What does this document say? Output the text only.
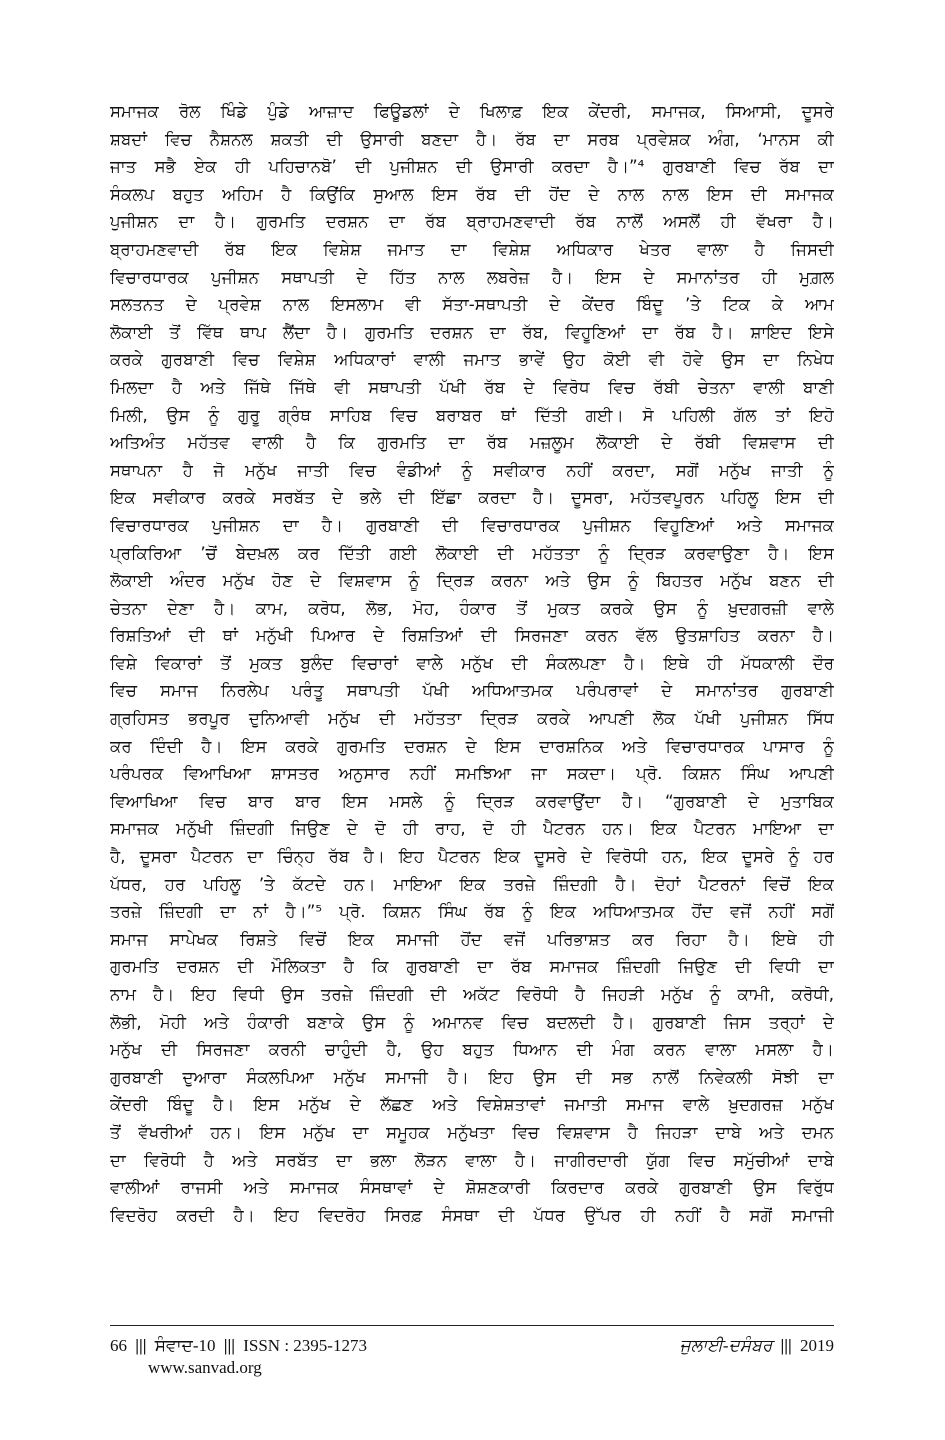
ਸਮਾਜਕ ਰੋਲ ਖਿੰਡੇ ਪੁੰਡੇ ਆਜ਼ਾਦ ਫਿਊਡਲਾਂ ਦੇ ਖਿਲਾਫ਼ ਇਕ ਕੇਂਦਰੀ, ਸਮਾਜਕ, ਸਿਆਸੀ, ਦੂਸਰੇ
ਸ਼ਬਦਾਂ ਵਿਚ ਨੈਸ਼ਨਲ ਸ਼ਕਤੀ ਦੀ ਉਸਾਰੀ ਬਣਦਾ ਹੈ। ਰੱਬ ਦਾ ਸਰਬ ਪ੍ਰਵੇਸ਼ਕ ਅੰਗ, ‘ਮਾਨਸ ਕੀ
ਜਾਤ ਸਭੈ ਏਕ ਹੀ ਪਹਿਚਾਨਬੋ’ ਦੀ ਪੁਜੀਸ਼ਨ ਦੀ ਉਸਾਰੀ ਕਰਦਾ ਹੈ।”⁴ ਗੁਰਬਾਣੀ ਵਿਚ ਰੱਬ ਦਾ
ਸੰਕਲਪ ਬਹੁਤ ਅਹਿਮ ਹੈ ਕਿਉਂਕਿ ਸੁਆਲ ਇਸ ਰੱਬ ਦੀ ਹੋਂਦ ਦੇ ਨਾਲ ਨਾਲ ਇਸ ਦੀ ਸਮਾਜਕ
ਪੁਜੀਸ਼ਨ ਦਾ ਹੈ। ਗੁਰਮਤਿ ਦਰਸ਼ਨ ਦਾ ਰੱਬ ਬ੍ਰਾਹਮਣਵਾਦੀ ਰੱਬ ਨਾਲੋਂ ਅਸਲੋਂ ਹੀ ਵੱਖਰਾ ਹੈ।
ਬ੍ਰਾਹਮਣਵਾਦੀ ਰੱਬ ਇਕ ਵਿਸ਼ੇਸ਼ ਜਮਾਤ ਦਾ ਵਿਸ਼ੇਸ਼ ਅਧਿਕਾਰ ਖੇਤਰ ਵਾਲਾ ਹੈ ਜਿਸਦੀ
ਵਿਚਾਰਧਾਰਕ ਪੁਜੀਸ਼ਨ ਸਥਾਪਤੀ ਦੇ ਹਿੱਤ ਨਾਲ ਲਬਰੇਜ਼ ਹੈ। ਇਸ ਦੇ ਸਮਾਨਾਂਤਰ ਹੀ ਮੁਗ਼ਲ
ਸਲਤਨਤ ਦੇ ਪ੍ਰਵੇਸ਼ ਨਾਲ ਇਸਲਾਮ ਵੀ ਸੱਤਾ-ਸਥਾਪਤੀ ਦੇ ਕੇਂਦਰ ਬਿੰਦੂ ’ਤੇ ਟਿਕ ਕੇ ਆਮ
ਲੋਕਾਈ ਤੋਂ ਵਿੱਥ ਥਾਪ ਲੈਂਦਾ ਹੈ। ਗੁਰਮਤਿ ਦਰਸ਼ਨ ਦਾ ਰੱਬ, ਵਿਹੂਣਿਆਂ ਦਾ ਰੱਬ ਹੈ। ਸ਼ਾਇਦ ਇਸੇ
ਕਰਕੇ ਗੁਰਬਾਣੀ ਵਿਚ ਵਿਸ਼ੇਸ਼ ਅਧਿਕਾਰਾਂ ਵਾਲੀ ਜਮਾਤ ਭਾਵੇਂ ਉਹ ਕੋਈ ਵੀ ਹੋਵੇ ਉਸ ਦਾ ਨਿਖੇਧ
ਮਿਲਦਾ ਹੈ ਅਤੇ ਜਿੱਥੇ ਜਿੱਥੇ ਵੀ ਸਥਾਪਤੀ ਪੱਖੀ ਰੱਬ ਦੇ ਵਿਰੋਧ ਵਿਚ ਰੱਬੀ ਚੇਤਨਾ ਵਾਲੀ ਬਾਣੀ
ਮਿਲੀ, ਉਸ ਨੂੰ ਗੁਰੂ ਗ੍ਰੰਥ ਸਾਹਿਬ ਵਿਚ ਬਰਾਬਰ ਥਾਂ ਦਿੱਤੀ ਗਈ। ਸੋ ਪਹਿਲੀ ਗੱਲ ਤਾਂ ਇਹੋ
ਅਤਿਅੰਤ ਮਹੱਤਵ ਵਾਲੀ ਹੈ ਕਿ ਗੁਰਮਤਿ ਦਾ ਰੱਬ ਮਜ਼ਲੂਮ ਲੋਕਾਈ ਦੇ ਰੱਬੀ ਵਿਸ਼ਵਾਸ ਦੀ
ਸਥਾਪਨਾ ਹੈ ਜੋ ਮਨੁੱਖ ਜਾਤੀ ਵਿਚ ਵੰਡੀਆਂ ਨੂੰ ਸਵੀਕਾਰ ਨਹੀਂ ਕਰਦਾ, ਸਗੋਂ ਮਨੁੱਖ ਜਾਤੀ ਨੂੰ
ਇਕ ਸਵੀਕਾਰ ਕਰਕੇ ਸਰਬੱਤ ਦੇ ਭਲੇ ਦੀ ਇੱਛਾ ਕਰਦਾ ਹੈ। ਦੂਸਰਾ, ਮਹੱਤਵਪੂਰਨ ਪਹਿਲੂ ਇਸ ਦੀ
ਵਿਚਾਰਧਾਰਕ ਪੁਜੀਸ਼ਨ ਦਾ ਹੈ। ਗੁਰਬਾਣੀ ਦੀ ਵਿਚਾਰਧਾਰਕ ਪੁਜੀਸ਼ਨ ਵਿਹੂਣਿਆਂ ਅਤੇ ਸਮਾਜਕ
ਪ੍ਰਕਿਰਿਆ ’ਚੋਂ ਬੇਦਖ਼ਲ ਕਰ ਦਿੱਤੀ ਗਈ ਲੋਕਾਈ ਦੀ ਮਹੱਤਤਾ ਨੂੰ ਦ੍ਰਿੜ ਕਰਵਾਉਣਾ ਹੈ। ਇਸ
ਲੋਕਾਈ ਅੰਦਰ ਮਨੁੱਖ ਹੋਣ ਦੇ ਵਿਸ਼ਵਾਸ ਨੂੰ ਦ੍ਰਿੜ ਕਰਨਾ ਅਤੇ ਉਸ ਨੂੰ ਬਿਹਤਰ ਮਨੁੱਖ ਬਣਨ ਦੀ
ਚੇਤਨਾ ਦੇਣਾ ਹੈ। ਕਾਮ, ਕਰੋਧ, ਲੋਭ, ਮੋਹ, ਹੰਕਾਰ ਤੋਂ ਮੁਕਤ ਕਰਕੇ ਉਸ ਨੂੰ ਖ਼ੁਦਗਰਜ਼ੀ ਵਾਲੇ
ਰਿਸ਼ਤਿਆਂ ਦੀ ਥਾਂ ਮਨੁੱਖੀ ਪਿਆਰ ਦੇ ਰਿਸ਼ਤਿਆਂ ਦੀ ਸਿਰਜਣਾ ਕਰਨ ਵੱਲ ਉਤਸ਼ਾਹਿਤ ਕਰਨਾ ਹੈ।
ਵਿਸ਼ੇ ਵਿਕਾਰਾਂ ਤੋਂ ਮੁਕਤ ਬੁਲੰਦ ਵਿਚਾਰਾਂ ਵਾਲੇ ਮਨੁੱਖ ਦੀ ਸੰਕਲਪਣਾ ਹੈ। ਇਥੇ ਹੀ ਮੱਧਕਾਲੀ ਦੌਰ
ਵਿਚ ਸਮਾਜ ਨਿਰਲੇਪ ਪਰੰਤੂ ਸਥਾਪਤੀ ਪੱਖੀ ਅਧਿਆਤਮਕ ਪਰੰਪਰਾਵਾਂ ਦੇ ਸਮਾਨਾਂਤਰ ਗੁਰਬਾਣੀ
ਗ੍ਰਹਿਸਤ ਭਰਪੂਰ ਦੁਨਿਆਵੀ ਮਨੁੱਖ ਦੀ ਮਹੱਤਤਾ ਦ੍ਰਿੜ ਕਰਕੇ ਆਪਣੀ ਲੋਕ ਪੱਖੀ ਪੁਜੀਸ਼ਨ ਸਿੱਧ
ਕਰ ਦਿੰਦੀ ਹੈ। ਇਸ ਕਰਕੇ ਗੁਰਮਤਿ ਦਰਸ਼ਨ ਦੇ ਇਸ ਦਾਰਸ਼ਨਿਕ ਅਤੇ ਵਿਚਾਰਧਾਰਕ ਪਾਸਾਰ ਨੂੰ
ਪਰੰਪਰਕ ਵਿਆਖਿਆ ਸ਼ਾਸਤਰ ਅਨੁਸਾਰ ਨਹੀਂ ਸਮਝਿਆ ਜਾ ਸਕਦਾ। ਪ੍ਰੋ. ਕਿਸ਼ਨ ਸਿੰਘ ਆਪਣੀ
ਵਿਆਖਿਆ ਵਿਚ ਬਾਰ ਬਾਰ ਇਸ ਮਸਲੇ ਨੂੰ ਦ੍ਰਿੜ ਕਰਵਾਉਂਦਾ ਹੈ। “ਗੁਰਬਾਣੀ ਦੇ ਮੁਤਾਬਿਕ
ਸਮਾਜਕ ਮਨੁੱਖੀ ਜ਼ਿੰਦਗੀ ਜਿਉਣ ਦੇ ਦੋ ਹੀ ਰਾਹ, ਦੋ ਹੀ ਪੈਟਰਨ ਹਨ। ਇਕ ਪੈਟਰਨ ਮਾਇਆ ਦਾ
ਹੈ, ਦੂਸਰਾ ਪੈਟਰਨ ਦਾ ਚਿੰਨ੍ਹ ਰੱਬ ਹੈ। ਇਹ ਪੈਟਰਨ ਇਕ ਦੂਸਰੇ ਦੇ ਵਿਰੋਧੀ ਹਨ, ਇਕ ਦੂਸਰੇ ਨੂੰ ਹਰ
ਪੱਧਰ, ਹਰ ਪਹਿਲੂ ’ਤੇ ਕੱਟਦੇ ਹਨ। ਮਾਇਆ ਇਕ ਤਰਜ਼ੇ ਜ਼ਿੰਦਗੀ ਹੈ। ਦੋਹਾਂ ਪੈਟਰਨਾਂ ਵਿਚੋਂ ਇਕ
ਤਰਜ਼ੇ ਜ਼ਿੰਦਗੀ ਦਾ ਨਾਂ ਹੈ।”⁵ ਪ੍ਰੋ. ਕਿਸ਼ਨ ਸਿੰਘ ਰੱਬ ਨੂੰ ਇਕ ਅਧਿਆਤਮਕ ਹੋਂਦ ਵਜੋਂ ਨਹੀਂ ਸਗੋਂ
ਸਮਾਜ ਸਾਪੇਖਕ ਰਿਸ਼ਤੇ ਵਿਚੋਂ ਇਕ ਸਮਾਜੀ ਹੋਂਦ ਵਜੋਂ ਪਰਿਭਾਸ਼ਤ ਕਰ ਰਿਹਾ ਹੈ। ਇਥੇ ਹੀ
ਗੁਰਮਤਿ ਦਰਸ਼ਨ ਦੀ ਮੌਲਿਕਤਾ ਹੈ ਕਿ ਗੁਰਬਾਣੀ ਦਾ ਰੱਬ ਸਮਾਜਕ ਜ਼ਿੰਦਗੀ ਜਿਉਣ ਦੀ ਵਿਧੀ ਦਾ
ਨਾਮ ਹੈ। ਇਹ ਵਿਧੀ ਉਸ ਤਰਜ਼ੇ ਜ਼ਿੰਦਗੀ ਦੀ ਅਕੱਟ ਵਿਰੋਧੀ ਹੈ ਜਿਹੜੀ ਮਨੁੱਖ ਨੂੰ ਕਾਮੀ, ਕਰੋਧੀ,
ਲੋਭੀ, ਮੋਹੀ ਅਤੇ ਹੰਕਾਰੀ ਬਣਾਕੇ ਉਸ ਨੂੰ ਅਮਾਨਵ ਵਿਚ ਬਦਲਦੀ ਹੈ। ਗੁਰਬਾਣੀ ਜਿਸ ਤਰ੍ਹਾਂ ਦੇ
ਮਨੁੱਖ ਦੀ ਸਿਰਜਣਾ ਕਰਨੀ ਚਾਹੁੰਦੀ ਹੈ, ਉਹ ਬਹੁਤ ਧਿਆਨ ਦੀ ਮੰਗ ਕਰਨ ਵਾਲਾ ਮਸਲਾ ਹੈ।
ਗੁਰਬਾਣੀ ਦੁਆਰਾ ਸੰਕਲਪਿਆ ਮਨੁੱਖ ਸਮਾਜੀ ਹੈ। ਇਹ ਉਸ ਦੀ ਸਭ ਨਾਲੋਂ ਨਿਵੇਕਲੀ ਸੋਝੀ ਦਾ
ਕੇਂਦਰੀ ਬਿੰਦੂ ਹੈ। ਇਸ ਮਨੁੱਖ ਦੇ ਲੱਛਣ ਅਤੇ ਵਿਸ਼ੇਸ਼ਤਾਵਾਂ ਜਮਾਤੀ ਸਮਾਜ ਵਾਲੇ ਖ਼ੁਦਗਰਜ਼ ਮਨੁੱਖ
ਤੋਂ ਵੱਖਰੀਆਂ ਹਨ। ਇਸ ਮਨੁੱਖ ਦਾ ਸਮੂਹਕ ਮਨੁੱਖਤਾ ਵਿਚ ਵਿਸ਼ਵਾਸ ਹੈ ਜਿਹੜਾ ਦਾਬੇ ਅਤੇ ਦਮਨ
ਦਾ ਵਿਰੋਧੀ ਹੈ ਅਤੇ ਸਰਬੱਤ ਦਾ ਭਲਾ ਲੋੜਨ ਵਾਲਾ ਹੈ। ਜਾਗੀਰਦਾਰੀ ਯੁੱਗ ਵਿਚ ਸਮੁੱਚੀਆਂ ਦਾਬੇ
ਵਾਲੀਆਂ ਰਾਜਸੀ ਅਤੇ ਸਮਾਜਕ ਸੰਸਥਾਵਾਂ ਦੇ ਸ਼ੋਸ਼ਣਕਾਰੀ ਕਿਰਦਾਰ ਕਰਕੇ ਗੁਰਬਾਣੀ ਉਸ ਵਿਰੁੱਧ
ਵਿਦਰੋਹ ਕਰਦੀ ਹੈ। ਇਹ ਵਿਦਰੋਹ ਸਿਰਫ਼ ਸੰਸਥਾ ਦੀ ਪੱਧਰ ਉੱਪਰ ਹੀ ਨਹੀਂ ਹੈ ਸਗੋਂ ਸਮਾਜੀ
66 ||| ਸੰਵਾਦ-10 ||| ISSN : 2395-1273
www.sanvad.org
ਜੁਲਾਈ-ਦਸੰਬਰ ||| 2019
